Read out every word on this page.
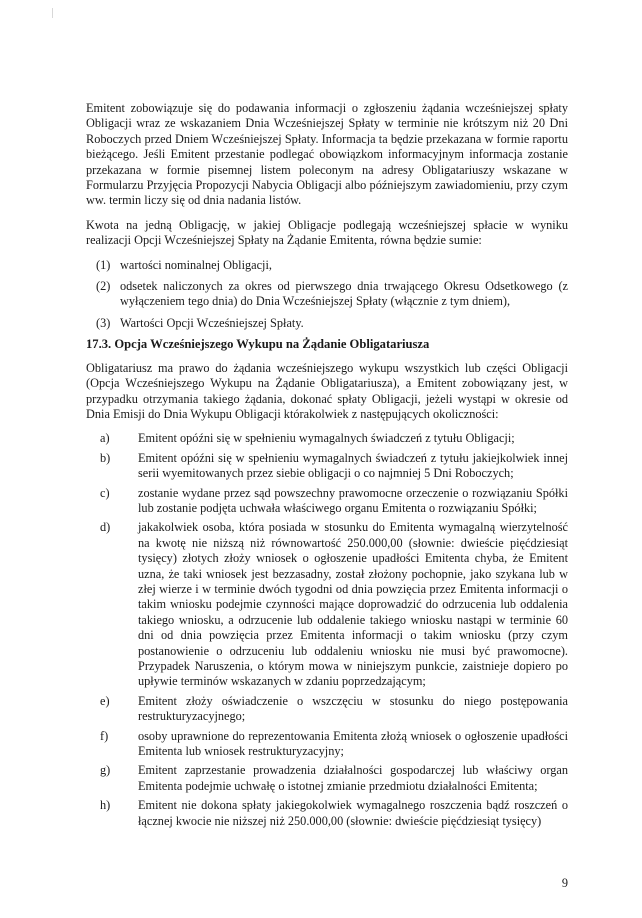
Emitent zobowiązuje się do podawania informacji o zgłoszeniu żądania wcześniejszej spłaty Obligacji wraz ze wskazaniem Dnia Wcześniejszej Spłaty w terminie nie krótszym niż 20 Dni Roboczych przed Dniem Wcześniejszej Spłaty. Informacja ta będzie przekazana w formie raportu bieżącego. Jeśli Emitent przestanie podlegać obowiązkom informacyjnym informacja zostanie przekazana w formie pisemnej listem poleconym na adresy Obligatariuszy wskazane w Formularzu Przyjęcia Propozycji Nabycia Obligacji albo późniejszym zawiadomieniu, przy czym ww. termin liczy się od dnia nadania listów.

Kwota na jedną Obligację, w jakiej Obligacje podlegają wcześniejszej spłacie w wyniku realizacji Opcji Wcześniejszej Spłaty na Żądanie Emitenta, równa będzie sumie:

(1) wartości nominalnej Obligacji,
(2) odsetek naliczonych za okres od pierwszego dnia trwającego Okresu Odsetkowego (z wyłączeniem tego dnia) do Dnia Wcześniejszej Spłaty (włącznie z tym dniem),
(3) Wartości Opcji Wcześniejszej Spłaty.

17.3. Opcja Wcześniejszego Wykupu na Żądanie Obligatariusza

Obligatariusz ma prawo do żądania wcześniejszego wykupu wszystkich lub części Obligacji (Opcja Wcześniejszego Wykupu na Żądanie Obligatariusza), a Emitent zobowiązany jest, w przypadku otrzymania takiego żądania, dokonać spłaty Obligacji, jeżeli wystąpi w okresie od Dnia Emisji do Dnia Wykupu Obligacji którakolwiek z następujących okoliczności:

a)	Emitent opóźni się w spełnieniu wymagalnych świadczeń z tytułu Obligacji;
b)	Emitent opóźni się w spełnieniu wymagalnych świadczeń z tytułu jakiejkolwiek innej serii wyemitowanych przez siebie obligacji o co najmniej 5 Dni Roboczych;
c)	zostanie wydane przez sąd powszechny prawomocne orzeczenie o rozwiązaniu Spółki lub zostanie podjęta uchwała właściwego organu Emitenta o rozwiązaniu Spółki;
d)	jakakolwiek osoba, która posiada w stosunku do Emitenta wymagalną wierzytelność na kwotę nie niższą niż równowartość 250.000,00 (słownie: dwieście pięćdziesiąt tysięcy) złotych złoży wniosek o ogłoszenie upadłości Emitenta chyba, że Emitent uzna, że taki wniosek jest bezzasadny, został złożony pochopnie, jako szykana lub w złej wierze i w terminie dwóch tygodni od dnia powzięcia przez Emitenta informacji o takim wniosku podejmie czynności mające doprowadzić do odrzucenia lub oddalenia takiego wniosku, a odrzucenie lub oddalenie takiego wniosku nastąpi w terminie 60 dni od dnia powzięcia przez Emitenta informacji o takim wniosku (przy czym postanowienie o odrzuceniu lub oddaleniu wniosku nie musi być prawomocne). Przypadek Naruszenia, o którym mowa w niniejszym punkcie, zaistnieje dopiero po upływie terminów wskazanych w zdaniu poprzedzającym;
e)	Emitent złoży oświadczenie o wszczęciu w stosunku do niego postępowania restrukturyzacyjnego;
f)	osoby uprawnione do reprezentowania Emitenta złożą wniosek o ogłoszenie upadłości Emitenta lub wniosek restrukturyzacyjny;
g)	Emitent zaprzestanie prowadzenia działalności gospodarczej lub właściwy organ Emitenta podejmie uchwałę o istotnej zmianie przedmiotu działalności Emitenta;
h)	Emitent nie dokona spłaty jakiegokolwiek wymagalnego roszczenia bądź roszczeń o łącznej kwocie nie niższej niż 250.000,00 (słownie: dwieście pięćdziesiąt tysięcy)
9
